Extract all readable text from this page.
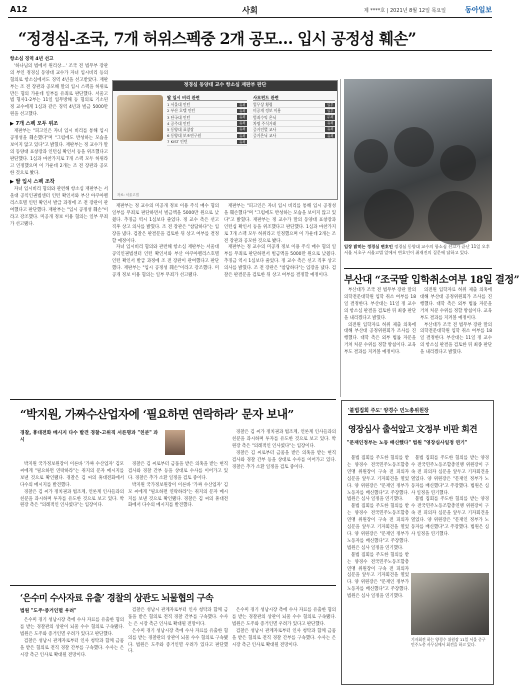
A12	사회	제 ****호 | 2021년 8월 12일 목요일	동아일보
“정경심-조국, 7개 허위스펙중 2개 공모… 입시 공정성 훼손”
항소심 징역 4년 선고

'하나님의 법에서 원리상…' 조국 전 법무부 장관의 부인 정경심 동양대 교수가 자녀 입시비리 등의 혐의로 항소심에서도 징역 4년을 선고받았다. 재판부는 조 전 장관과 공모해 딸의 입시 스펙을 허위로 만든 혐의 가운데 일부를 유죄로 판단했다. 서울고법 형사1-2부는 11일 업무방해 등 혐의로 기소된 정 교수에게 1심과 같은 징역 4년과 벌금 5000만 원을 선고했다.

▶ 7개 스펙 모두 위조

재판부는 "피고인은 자녀 입시 비리를 통해 입시 공정성을 훼손했다"며 "그럼에도 반성하는 모습을 보이지 않고 있다"고 밝혔다. 재판부는 정 교수가 딸의 동양대 표창장과 인턴십 확인서 등을 위조했다고 판단했다. 1심과 마찬가지로 7개 스펙 모두 허위라고 인정했으며 이 가운데 2개는 조 전 장관과 공모한 것으로 봤다.

▶ 딸 입시 스펙 조작

자녀 입시비리 혐의와 관련해 항소심 재판부는 서울대 공익인권법센터 인턴 확인서와 부산 아쿠아펠리스호텔 인턴 확인서 발급 과정에 조 전 장관이 관여했다고 판단했다. 재판부는 "입시 공정성 훼손"이라고 강조했다. 미공개 정보 이용 혐의는 일부 무죄가 선고됐다.

재판부는 정 교수의 미공개 정보 이용 주식 매수 혐의 일부를 무죄로 판단하면서 벌금액을 5000만 원으로 낮췄다. 추징금 역시 1심보다 줄었다. 정 교수 측은 선고 직후 상고 의사를 밝혔다. 조 전 장관은 "참담하다"는 입장을 냈다. 검찰은 판결문을 검토한 뒤 상고 여부를 결정할 예정이다.

자녀 입시비리 혐의와 관련해 항소심 재판부는 서울대 공익인권법센터 인턴 확인서와 부산 아쿠아펠리스호텔 인턴 확인서 발급 과정에 조 전 장관이 관여했다고 판단했다. 재판부는 "입시 공정성 훼손"이라고 강조했다. 미공개 정보 이용 혐의는 일부 무죄가 선고됐다.

재판부는 "피고인은 자녀 입시 비리를 통해 입시 공정성을 훼손했다"며 "그럼에도 반성하는 모습을 보이지 않고 있다"고 밝혔다. 재판부는 정 교수가 딸의 동양대 표창장과 인턴십 확인서 등을 위조했다고 판단했다. 1심과 마찬가지로 7개 스펙 모두 허위라고 인정했으며 이 가운데 2개는 조 전 장관과 공모한 것으로 봤다.

재판부는 정 교수의 미공개 정보 이용 주식 매수 혐의 일부를 무죄로 판단하면서 벌금액을 5000만 원으로 낮췄다. 추징금 역시 1심보다 줄었다. 정 교수 측은 선고 직후 상고 의사를 밝혔다. 조 전 장관은 "참담하다"는 입장을 냈다. 검찰은 판결문을 검토한 뒤 상고 여부를 결정할 예정이다.

정경심 동양대 교수 항소심 재판부 판단
딸 입시 비리 관련
1 서울대 인턴	유죄
2 부산 호텔 인턴	유죄
3 단국대 인턴	유죄
4 공주대 인턴	유죄
5 동양대 표창장	유죄
6 동양대 보조연구원	유죄
7 KIST 인턴	유죄
사모펀드 관련
업무상 횡령	일부
미공개 정보 이용	일부
범죄수익 은닉	무죄
차명 주식거래	유죄
증거인멸 교사	유죄
증거은닉 교사	유죄
자료: 서울고법
입장 밝히는 정경심 변호인 정경심 동양대 교수의 항소심 선고가 끝난 11일 오후 서울 서초구 서울고법 앞에서 변호인이 취재진의 질문에 답하고 있다.
부산대 “조국딸 입학취소여부 18일 결정”

부산대가 조국 전 법무부 장관 딸의 의학전문대학원 입학 취소 여부를 18일 결정한다. 부산대는 11일 정 교수의 항소심 판결을 검토한 뒤 최종 판단을 내리겠다고 밝혔다.

의전원 입학자료 허위 제출 의혹에 대해 부산대 공정위원회가 조사를 진행했다. 대학 측은 외부 법률 자문을 거쳐 처분 수위를 정할 방침이다. 교육부도 결과를 지켜볼 예정이다.

의전원 입학자료 허위 제출 의혹에 대해 부산대 공정위원회가 조사를 진행했다. 대학 측은 외부 법률 자문을 거쳐 처분 수위를 정할 방침이다. 교육부도 결과를 지켜볼 예정이다.

부산대가 조국 전 법무부 장관 딸의 의학전문대학원 입학 취소 여부를 18일 결정한다. 부산대는 11일 정 교수의 항소심 판결을 검토한 뒤 최종 판단을 내리겠다고 밝혔다.

“박지원, 가짜수산업자에 ‘필요하면 연락하라’ 문자 보내”
경찰, 휴대전화 메시지 다수 발견 경찰-고위직 서른명과 "친분" 과시

박지원 국가정보원장이 이른바 '가짜 수산업자' 김모 씨에게 "필요하면 연락하라"는 취지의 문자 메시지를 보낸 것으로 확인됐다. 경찰은 김 씨의 휴대전화에서 다수의 메시지를 발견했다.

경찰은 김 씨가 정치권과 법조계, 언론계 인사들과의 친분을 과시하며 투자를 유도한 것으로 보고 있다. 박 원장 측은 "의례적인 인사였다"는 입장이다.

경찰은 김 씨로부터 금품을 받은 의혹을 받는 현직 검사와 경찰 간부 등을 상대로 수사를 이어가고 있다. 경찰은 추가 소환 일정을 검토 중이다.

박지원 국가정보원장이 이른바 '가짜 수산업자' 김모 씨에게 "필요하면 연락하라"는 취지의 문자 메시지를 보낸 것으로 확인됐다. 경찰은 김 씨의 휴대전화에서 다수의 메시지를 발견했다.

경찰은 김 씨가 정치권과 법조계, 언론계 인사들과의 친분을 과시하며 투자를 유도한 것으로 보고 있다. 박 원장 측은 "의례적인 인사였다"는 입장이다.

경찰은 김 씨로부터 금품을 받은 의혹을 받는 현직 검사와 경찰 간부 등을 상대로 수사를 이어가고 있다. 경찰은 추가 소환 일정을 검토 중이다.

‘은수미 수사자료 유출’ 경찰의 상관도 뇌물협의 구속
법원 "도주·증거인멸 우려"

은수미 경기 성남시장 측에 수사 자료를 유출한 혐의를 받는 경찰관의 상관이 뇌물 수수 혐의로 구속됐다. 법원은 도주와 증거인멸 우려가 있다고 판단했다.

검찰은 성남시 관계자로부터 인사 청탁과 함께 금품을 받은 혐의로 전직 경찰 간부를 구속했다. 수사는 은 시장 측근 인사로 확대될 전망이다.

검찰은 성남시 관계자로부터 인사 청탁과 함께 금품을 받은 혐의로 전직 경찰 간부를 구속했다. 수사는 은 시장 측근 인사로 확대될 전망이다.

은수미 경기 성남시장 측에 수사 자료를 유출한 혐의를 받는 경찰관의 상관이 뇌물 수수 혐의로 구속됐다. 법원은 도주와 증거인멸 우려가 있다고 판단했다.

은수미 경기 성남시장 측에 수사 자료를 유출한 혐의를 받는 경찰관의 상관이 뇌물 수수 혐의로 구속됐다. 법원은 도주와 증거인멸 우려가 있다고 판단했다.

검찰은 성남시 관계자로부터 인사 청탁과 함께 금품을 받은 혐의로 전직 경찰 간부를 구속했다. 수사는 은 시장 측근 인사로 확대될 전망이다.

'불법집회 주도' 양경수 민노총위원장
영장심사 출석앞고 文정부 비판 회견
"문재인정부는 노동 배신했다" 법원 "영장심사일정 연기"

불법 집회를 주도한 혐의를 받는 양경수 전국민주노동조합총연맹 위원장이 구속 전 피의자 심문을 앞두고 기자회견을 열었다. 양 위원장은 "문재인 정부가 노동자를 배신했다"고 주장했다. 법원은 심사 일정을 연기했다.

불법 집회를 주도한 혐의를 받는 양경수 전국민주노동조합총연맹 위원장이 구속 전 피의자 심문을 앞두고 기자회견을 열었다. 양 위원장은 "문재인 정부가 노동자를 배신했다"고 주장했다. 법원은 심사 일정을 연기했다.

불법 집회를 주도한 혐의를 받는 양경수 전국민주노동조합총연맹 위원장이 구속 전 피의자 심문을 앞두고 기자회견을 열었다. 양 위원장은 "문재인 정부가 노동자를 배신했다"고 주장했다. 법원은 심사 일정을 연기했다.

불법 집회를 주도한 혐의를 받는 양경수 전국민주노동조합총연맹 위원장이 구속 전 피의자 심문을 앞두고 기자회견을 열었다. 양 위원장은 "문재인 정부가 노동자를 배신했다"고 주장했다. 법원은 심사 일정을 연기했다.

불법 집회를 주도한 혐의를 받는 양경수 전국민주노동조합총연맹 위원장이 구속 전 피의자 심문을 앞두고 기자회견을 열었다. 양 위원장은 "문재인 정부가 노동자를 배신했다"고 주장했다. 법원은 심사 일정을 연기했다.

기자회견 하는 양경수 위원장 11일 서울 중구 민주노총 사무실에서 회견을 하고 있다.
